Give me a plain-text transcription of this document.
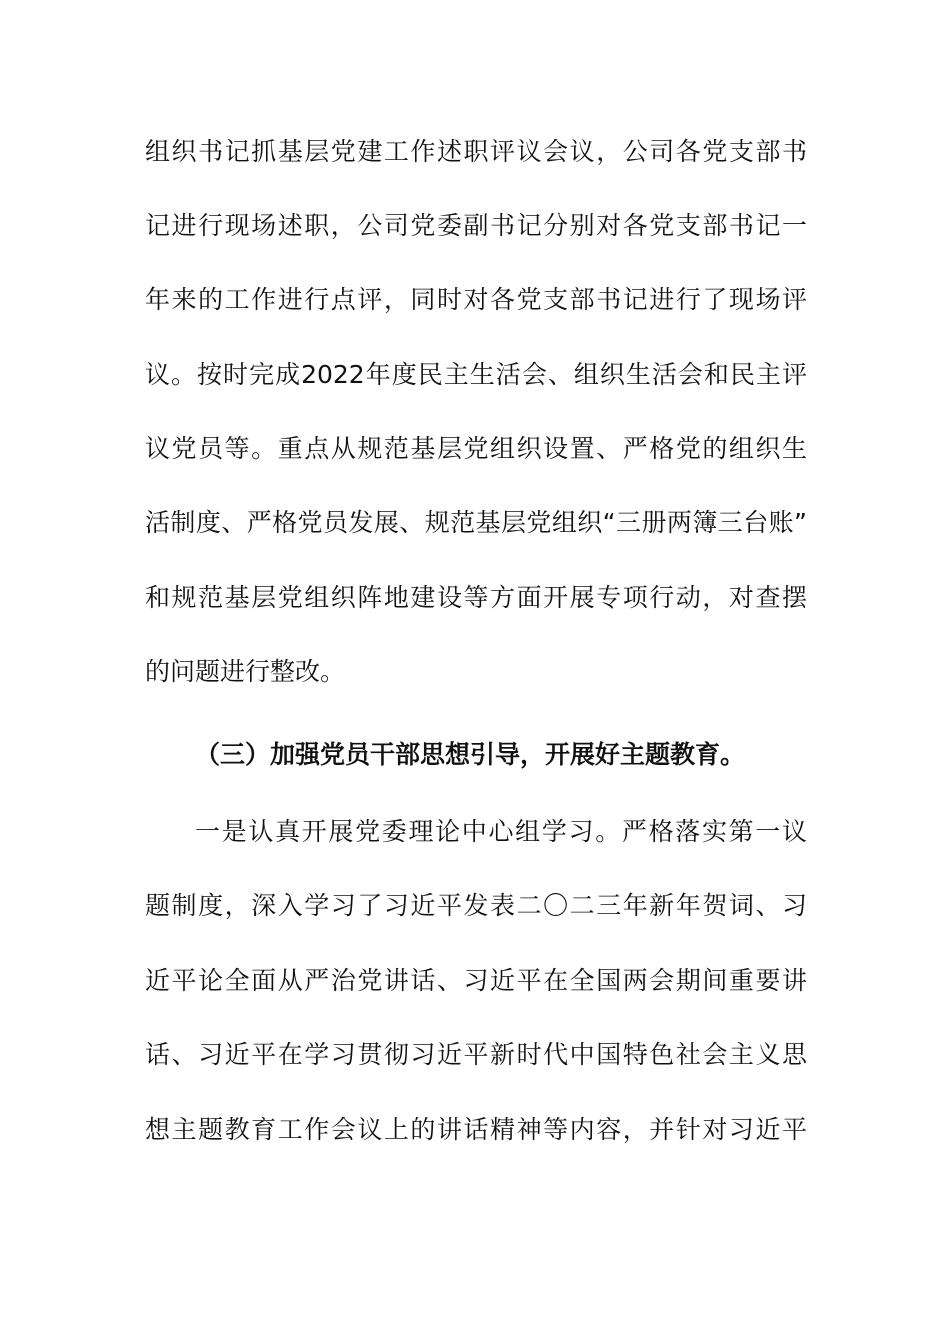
组织书记抓基层党建工作述职评议会议，公司各党支部书
记进行现场述职，公司党委副书记分别对各党支部书记一
年来的工作进行点评，同时对各党支部书记进行了现场评
议。按时完成2022年度民主生活会、组织生活会和民主评
议党员等。重点从规范基层党组织设置、严格党的组织生
活制度、严格党员发展、规范基层党组织“三册两簿三台账”
和规范基层党组织阵地建设等方面开展专项行动，对查摆
的问题进行整改。
（三）加强党员干部思想引导，开展好主题教育。
一是认真开展党委理论中心组学习。严格落实第一议
题制度，深入学习了习近平发表二〇二三年新年贺词、习
近平论全面从严治党讲话、习近平在全国两会期间重要讲
话、习近平在学习贯彻习近平新时代中国特色社会主义思
想主题教育工作会议上的讲话精神等内容，并针对习近平
